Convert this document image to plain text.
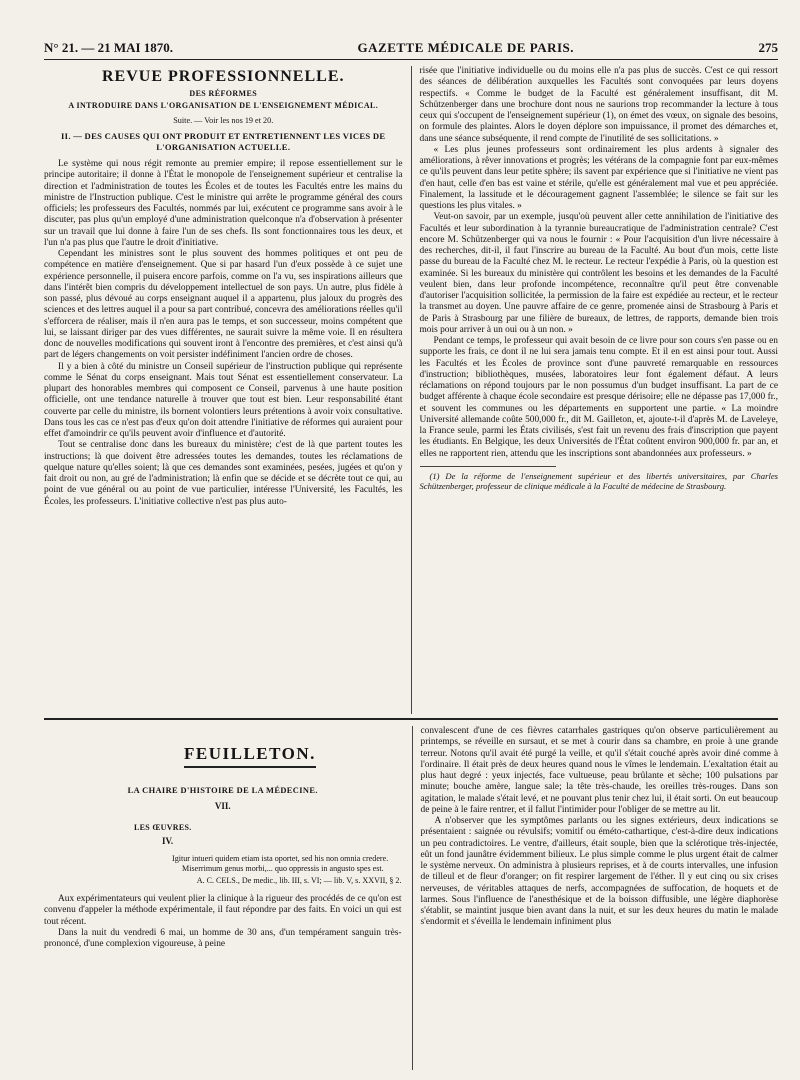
N° 21. — 21 MAI 1870.	GAZETTE MÉDICALE DE PARIS.	275
REVUE PROFESSIONNELLE.
DES RÉFORMES
A INTRODUIRE DANS L'ORGANISATION DE L'ENSEIGNEMENT MÉDICAL.
Suite. — Voir les nos 19 et 20.
II. — DES CAUSES QUI ONT PRODUIT ET ENTRETIENNENT LES VICES DE L'ORGANISATION ACTUELLE.

Le système qui nous régit remonte au premier empire; il repose essentiellement sur le principe autoritaire; il donne à l'État le monopole de l'enseignement supérieur et centralise la direction et l'administration de toutes les Écoles et de toutes les Facultés entre les mains du ministre de l'Instruction publique. C'est le ministre qui arrête le programme général des cours officiels; les professeurs des Facultés, nommés par lui, exécutent ce programme sans avoir à le discuter, pas plus qu'un employé d'une administration quelconque n'a d'observation à présenter sur un travail que lui donne à faire l'un de ses chefs. Ils sont fonctionnaires tous les deux, et l'un n'a pas plus que l'autre le droit d'initiative.

Cependant les ministres sont le plus souvent des hommes politiques et ont peu de compétence en matière d'enseignement. Que si par hasard l'un d'eux possède à ce sujet une expérience personnelle, il puisera encore parfois, comme on l'a vu, ses inspirations ailleurs que dans l'intérêt bien compris du développement intellectuel de son pays. Un autre, plus fidèle à son passé, plus dévoué au corps enseignant auquel il a appartenu, plus jaloux du progrès des sciences et des lettres auquel il a pour sa part contribué, concevra des améliorations réelles qu'il s'efforcera de réaliser, mais il n'en aura pas le temps, et son successeur, moins compétent que lui, se laissant diriger par des vues différentes, ne saurait suivre la même voie. Il en résultera donc de nouvelles modifications qui souvent iront à l'encontre des premières, et c'est ainsi qu'à part de légers changements on voit persister indéfiniment l'ancien ordre de choses.

Il y a bien à côté du ministre un Conseil supérieur de l'instruction publique qui représente comme le Sénat du corps enseignant. Mais tout Sénat est essentiellement conservateur. La plupart des honorables membres qui composent ce Conseil, parvenus à une haute position officielle, ont une tendance naturelle à trouver que tout est bien. Leur responsabilité étant couverte par celle du ministre, ils bornent volontiers leurs prétentions à avoir voix consultative. Dans tous les cas ce n'est pas d'eux qu'on doit attendre l'initiative de réformes qui auraient pour effet d'amoindrir ce qu'ils peuvent avoir d'influence et d'autorité.

Tout se centralise donc dans les bureaux du ministère; c'est de là que partent toutes les instructions; là que doivent être adressées toutes les demandes, toutes les réclamations de quelque nature qu'elles soient; là que ces demandes sont examinées, pesées, jugées et qu'on y fait droit ou non, au gré de l'administration; là enfin que se décide et se décrète tout ce qui, au point de vue général ou au point de vue particulier, intéresse l'Université, les Facultés, les Écoles, les professeurs. L'initiative collective n'est pas plus auto-

risée que l'initiative individuelle ou du moins elle n'a pas plus de succès. C'est ce qui ressort des séances de délibération auxquelles les Facultés sont convoquées par leurs doyens respectifs. « Comme le budget de la Faculté est généralement insuffisant, dit M. Schützenberger dans une brochure dont nous ne saurions trop recommander la lecture à tous ceux qui s'occupent de l'enseignement supérieur (1), on émet des vœux, on signale des besoins, on formule des plaintes. Alors le doyen déplore son impuissance, il promet des démarches et, dans une séance subséquente, il rend compte de l'inutilité de ses sollicitations. »

« Les plus jeunes professeurs sont ordinairement les plus ardents à signaler des améliorations, à rêver innovations et progrès; les vétérans de la compagnie font par eux-mêmes ce qu'ils peuvent dans leur petite sphère; ils savent par expérience que si l'initiative ne vient pas d'en haut, celle d'en bas est vaine et stérile, qu'elle est généralement mal vue et peu appréciée. Finalement, la lassitude et le découragement gagnent l'assemblée; le silence se fait sur les questions les plus vitales. »

Veut-on savoir, par un exemple, jusqu'où peuvent aller cette annihilation de l'initiative des Facultés et leur subordination à la tyrannie bureaucratique de l'administration centrale? C'est encore M. Schützenberger qui va nous le fournir : « Pour l'acquisition d'un livre nécessaire à des recherches, dit-il, il faut l'inscrire au bureau de la Faculté. Au bout d'un mois, cette liste passe du bureau de la Faculté chez M. le recteur. Le recteur l'expédie à Paris, où la question est examinée. Si les bureaux du ministère qui contrôlent les besoins et les demandes de la Faculté veulent bien, dans leur profonde incompétence, reconnaître qu'il peut être convenable d'autoriser l'acquisition sollicitée, la permission de la faire est expédiée au recteur, et le recteur la transmet au doyen. Une pauvre affaire de ce genre, promenée ainsi de Strasbourg à Paris et de Paris à Strasbourg par une filière de bureaux, de lettres, de rapports, demande bien trois mois pour arriver à un oui ou à un non. »

Pendant ce temps, le professeur qui avait besoin de ce livre pour son cours s'en passe ou en supporte les frais, ce dont il ne lui sera jamais tenu compte. Et il en est ainsi pour tout. Aussi les Facultés et les Écoles de province sont d'une pauvreté remarquable en ressources d'instruction; bibliothèques, musées, laboratoires leur font également défaut. A leurs réclamations on répond toujours par le non possumus d'un budget insuffisant. La part de ce budget afférente à chaque école secondaire est presque dérisoire; elle ne dépasse pas 17,000 fr., et souvent les communes ou les départements en supportent une partie. « La moindre Université allemande coûte 500,000 fr., dit M. Gailleton, et, ajoute-t-il d'après M. de Laveleye, la France seule, parmi les États civilisés, s'est fait un revenu des frais d'inscription que payent les étudiants. En Belgique, les deux Universités de l'État coûtent environ 900,000 fr. par an, et elles ne rapportent rien, attendu que les inscriptions sont abandonnées aux professeurs. »

(1) De la réforme de l'enseignement supérieur et des libertés universitaires, par Charles Schützenberger, professeur de clinique médicale à la Faculté de médecine de Strasbourg.

FEUILLETON.
LA CHAIRE D'HISTOIRE DE LA MÉDECINE.
VII.
LES ŒUVRES.
IV.
Igitur intueri quidem etiam ista oportet, sed his non omnia credere.
Miserrimum genus morbi,... quo oppressis in angusto spes est.
A. C. CELS., De medic., lib. III, s. VI; — lib. V, s. XXVII, § 2.

Aux expérimentateurs qui veulent plier la clinique à la rigueur des procédés de ce qu'on est convenu d'appeler la méthode expérimentale, il faut répondre par des faits. En voici un qui est tout récent.

Dans la nuit du vendredi 6 mai, un homme de 30 ans, d'un tempérament sanguin très-prononcé, d'une complexion vigoureuse, à peine

convalescent d'une de ces fièvres catarrhales gastriques qu'on observe particulièrement au printemps, se réveille en sursaut, et se met à courir dans sa chambre, en proie à une grande terreur. Notons qu'il avait été purgé la veille, et qu'il s'était couché après avoir diné comme à l'ordinaire. Il était près de deux heures quand nous le vîmes le lendemain. L'exaltation était au plus haut degré : yeux injectés, face vultueuse, peau brûlante et sèche; 100 pulsations par minute; bouche amère, langue sale; la tête très-chaude, les oreilles très-rouges. Dans son agitation, le malade s'était levé, et ne pouvant plus tenir chez lui, il était sorti. On eut beaucoup de peine à le faire rentrer, et il fallut l'intimider pour l'obliger de se mettre au lit.

A n'observer que les symptômes parlants ou les signes extérieurs, deux indications se présentaient : saignée ou révulsifs; vomitif ou éméto-cathartique, c'est-à-dire deux indications un peu contradictoires. Le ventre, d'ailleurs, était souple, bien que la sclérotique très-injectée, eût un fond jaunâtre évidemment bilieux. Le plus simple comme le plus urgent était de calmer le système nerveux. On administra à plusieurs reprises, et à de courts intervalles, une infusion de tilleul et de fleur d'oranger; on fit respirer largement de l'éther. Il y eut cinq ou six crises nerveuses, de véritables attaques de nerfs, accompagnées de suffocation, de hoquets et de larmes. Sous l'influence de l'anesthésique et de la boisson diffusible, une légère diaphorèse s'établit, se maintint jusque bien avant dans la nuit, et sur les deux heures du matin le malade s'endormit et s'éveilla le lendemain infiniment plus
